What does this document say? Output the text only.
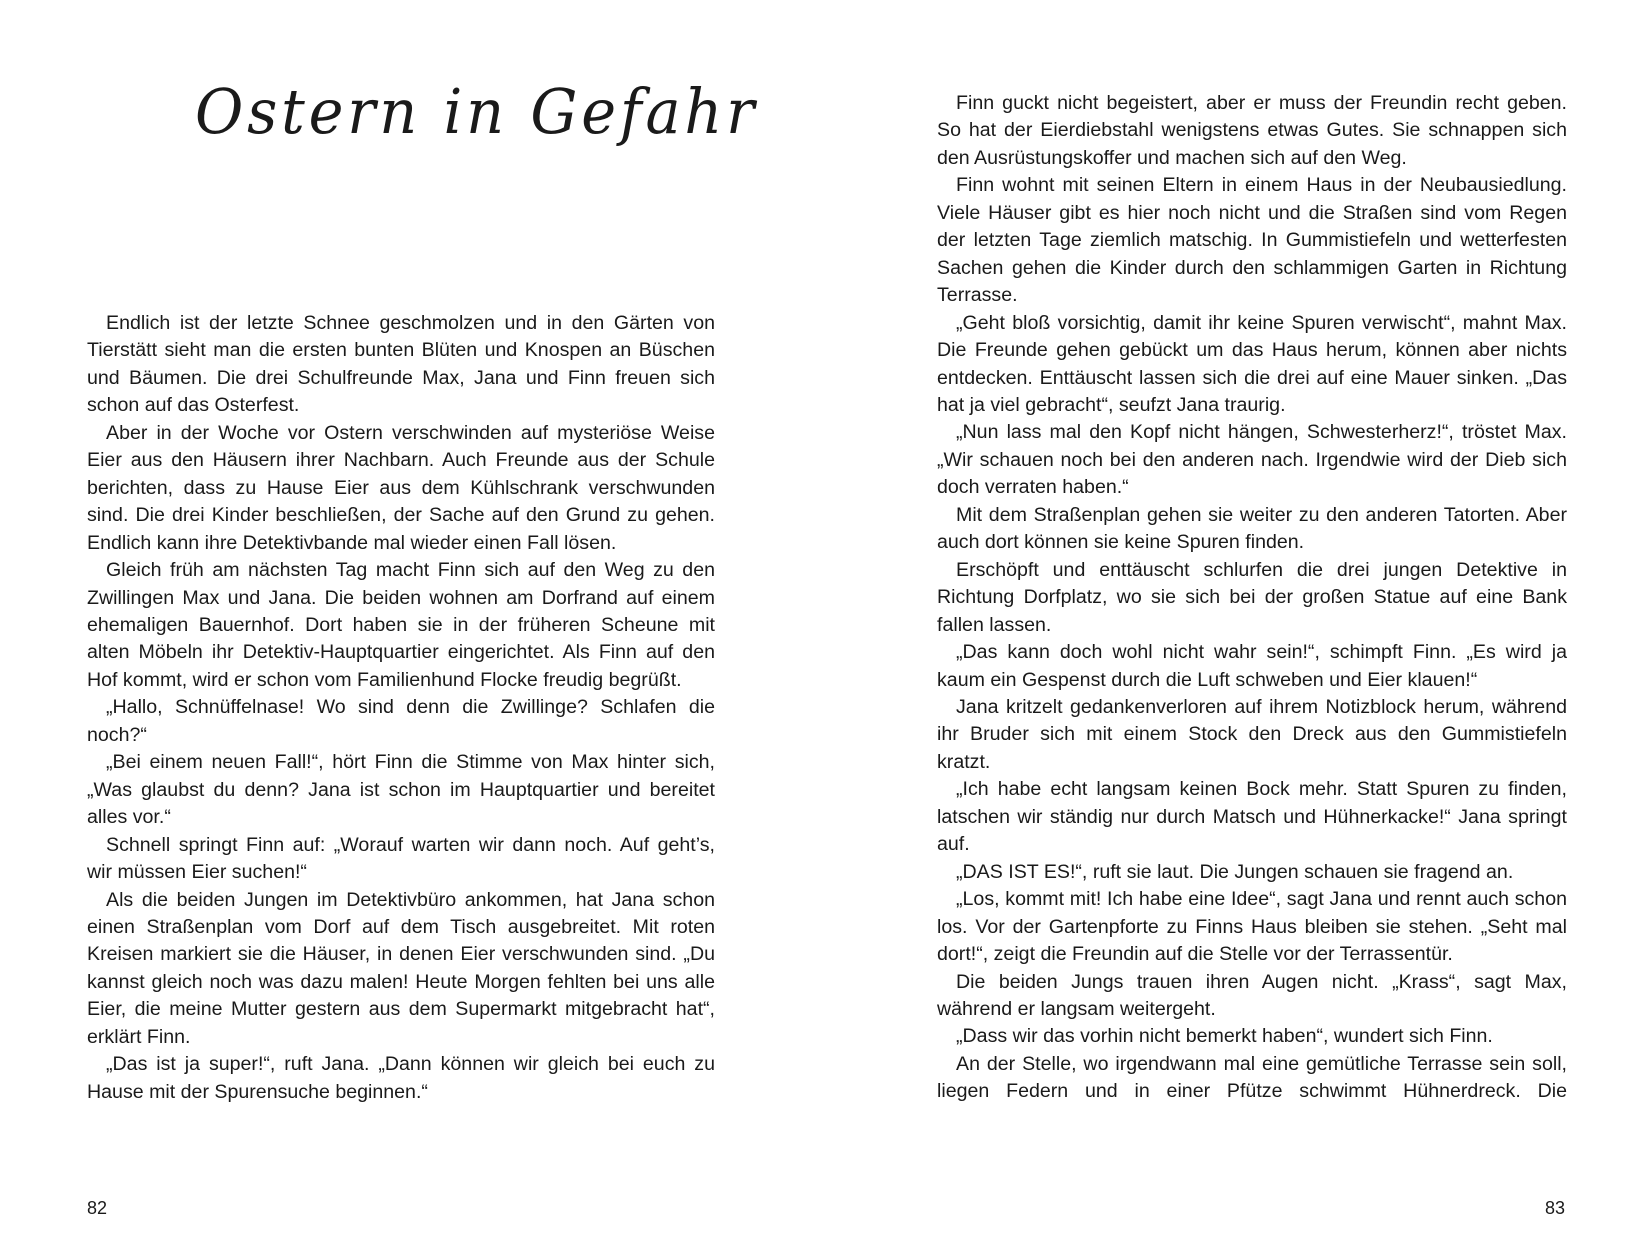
Ostern in Gefahr

Endlich ist der letzte Schnee geschmolzen und in den Gärten von Tierstätt sieht man die ersten bunten Blüten und Knospen an Büschen und Bäumen. Die drei Schulfreunde Max, Jana und Finn freuen sich schon auf das Osterfest.

Aber in der Woche vor Ostern verschwinden auf mysteriöse Weise Eier aus den Häusern ihrer Nachbarn. Auch Freunde aus der Schule berichten, dass zu Hause Eier aus dem Kühlschrank verschwunden sind. Die drei Kinder beschließen, der Sache auf den Grund zu gehen. Endlich kann ihre Detektivbande mal wieder einen Fall lösen.

Gleich früh am nächsten Tag macht Finn sich auf den Weg zu den Zwillingen Max und Jana. Die beiden wohnen am Dorfrand auf einem ehemaligen Bauernhof. Dort haben sie in der früheren Scheune mit alten Möbeln ihr Detektiv-Hauptquartier eingerichtet. Als Finn auf den Hof kommt, wird er schon vom Familienhund Flocke freudig begrüßt.

„Hallo, Schnüffelnase! Wo sind denn die Zwillinge? Schlafen die noch?“

„Bei einem neuen Fall!“, hört Finn die Stimme von Max hinter sich, „Was glaubst du denn? Jana ist schon im Hauptquartier und bereitet alles vor.“

Schnell springt Finn auf: „Worauf warten wir dann noch. Auf geht’s, wir müssen Eier suchen!“

Als die beiden Jungen im Detektivbüro ankommen, hat Jana schon einen Straßenplan vom Dorf auf dem Tisch ausgebreitet. Mit roten Kreisen markiert sie die Häuser, in denen Eier verschwunden sind. „Du kannst gleich noch was dazu malen! Heute Morgen fehlten bei uns alle Eier, die meine Mutter gestern aus dem Supermarkt mitgebracht hat“, erklärt Finn.

„Das ist ja super!“, ruft Jana. „Dann können wir gleich bei euch zu Hause mit der Spurensuche beginnen.“

82

Finn guckt nicht begeistert, aber er muss der Freundin recht geben. So hat der Eierdiebstahl wenigstens etwas Gutes. Sie schnappen sich den Ausrüstungskoffer und machen sich auf den Weg.

Finn wohnt mit seinen Eltern in einem Haus in der Neubausiedlung. Viele Häuser gibt es hier noch nicht und die Straßen sind vom Regen der letzten Tage ziemlich matschig. In Gummistiefeln und wetterfesten Sachen gehen die Kinder durch den schlammigen Garten in Richtung Terrasse.

„Geht bloß vorsichtig, damit ihr keine Spuren verwischt“, mahnt Max. Die Freunde gehen gebückt um das Haus herum, können aber nichts entdecken. Enttäuscht lassen sich die drei auf eine Mauer sinken. „Das hat ja viel gebracht“, seufzt Jana traurig.

„Nun lass mal den Kopf nicht hängen, Schwesterherz!“, tröstet Max. „Wir schauen noch bei den anderen nach. Irgendwie wird der Dieb sich doch verraten haben.“

Mit dem Straßenplan gehen sie weiter zu den anderen Tatorten. Aber auch dort können sie keine Spuren finden.

Erschöpft und enttäuscht schlurfen die drei jungen Detektive in Richtung Dorfplatz, wo sie sich bei der großen Statue auf eine Bank fallen lassen.

„Das kann doch wohl nicht wahr sein!“, schimpft Finn. „Es wird ja kaum ein Gespenst durch die Luft schweben und Eier klauen!“

Jana kritzelt gedankenverloren auf ihrem Notizblock herum, während ihr Bruder sich mit einem Stock den Dreck aus den Gummistiefeln kratzt.

„Ich habe echt langsam keinen Bock mehr. Statt Spuren zu finden, latschen wir ständig nur durch Matsch und Hühnerkacke!“ Jana springt auf.

„DAS IST ES!“, ruft sie laut. Die Jungen schauen sie fragend an.

„Los, kommt mit! Ich habe eine Idee“, sagt Jana und rennt auch schon los. Vor der Gartenpforte zu Finns Haus bleiben sie stehen. „Seht mal dort!“, zeigt die Freundin auf die Stelle vor der Terrassentür.

Die beiden Jungs trauen ihren Augen nicht. „Krass“, sagt Max, während er langsam weitergeht.

„Dass wir das vorhin nicht bemerkt haben“, wundert sich Finn.

An der Stelle, wo irgendwann mal eine gemütliche Terrasse sein soll, liegen Federn und in einer Pfütze schwimmt Hühnerdreck. Die

83
